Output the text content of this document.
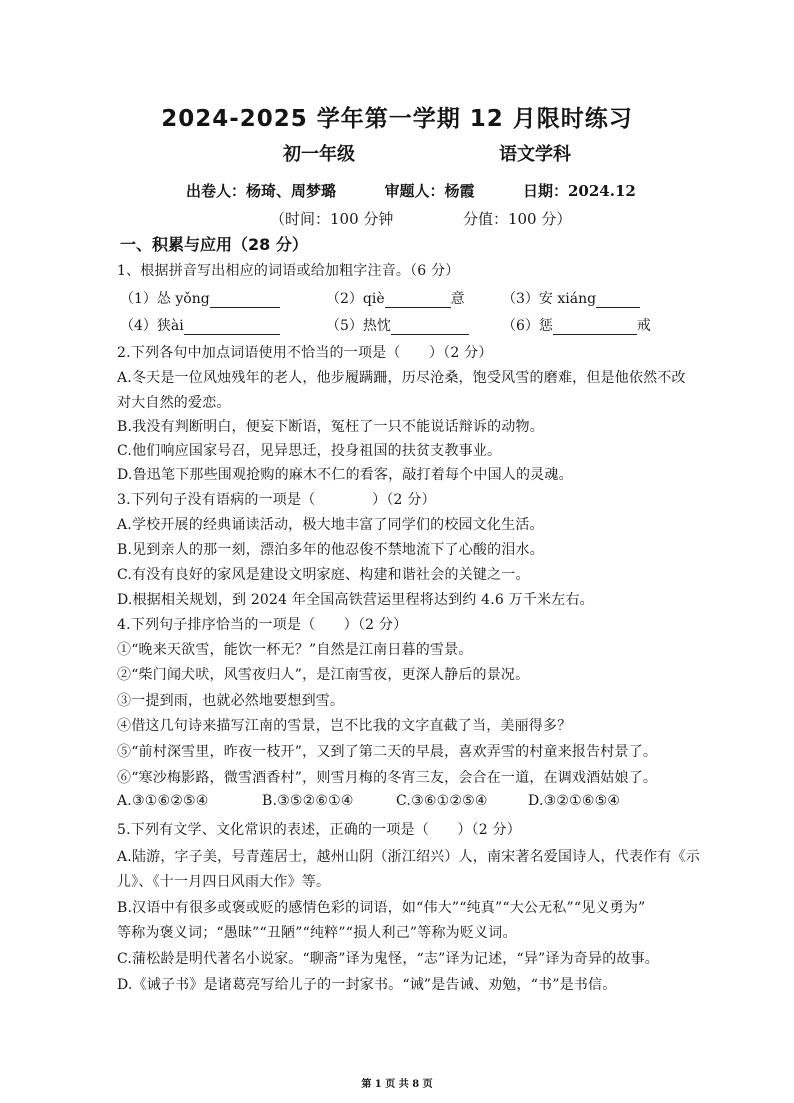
2024-2025 学年第一学期 12 月限时练习
初一年级	语文学科
出卷人：杨琦、周梦璐	审题人：杨霞	日期：2024.12
（时间：100 分钟	分值：100 分）
一、积累与应用（28 分）
1、根据拼音写出相应的词语或给加粗字注音。（6 分）
（1）怂 yǒng	（2）qiè	意	（3）安 xiáng
（4）狭ài	（5）热忱	（6）惩	戒
2.下列各句中加点词语使用不恰当的一项是（　　）（2 分）
A.冬天是一位风烛残年的老人，他步履蹒跚，历尽沧桑，饱受风雪的磨难，但是他依然不改
对大自然的爱恋。
B.我没有判断明白，便妄下断语，冤枉了一只不能说话辩诉的动物。
C.他们响应国家号召，见异思迁，投身祖国的扶贫支教事业。
D.鲁迅笔下那些围观抢购的麻木不仁的看客，敲打着每个中国人的灵魂。
3.下列句子没有语病的一项是（　　　　）（2 分）
A.学校开展的经典诵读活动，极大地丰富了同学们的校园文化生活。
B.见到亲人的那一刻，漂泊多年的他忍俊不禁地流下了心酸的泪水。
C.有没有良好的家风是建设文明家庭、构建和谐社会的关键之一。
D.根据相关规划，到 2024 年全国高铁营运里程将达到约 4.6 万千米左右。
4.下列句子排序恰当的一项是（　　）（2 分）
①“晚来天欲雪，能饮一杯无？”自然是江南日暮的雪景。
②“柴门闻犬吠，风雪夜归人”，是江南雪夜，更深人静后的景况。
③一提到雨，也就必然地要想到雪。
④借这几句诗来描写江南的雪景，岂不比我的文字直截了当，美丽得多？
⑤“前村深雪里，昨夜一枝开”，又到了第二天的早晨，喜欢弄雪的村童来报告村景了。
⑥“寒沙梅影路，微雪酒香村”，则雪月梅的冬宵三友，会合在一道，在调戏酒姑娘了。
A.③①⑥②⑤④	B.③⑤②⑥①④	C.③⑥①②⑤④	D.③②①⑥⑤④
5.下列有文学、文化常识的表述，正确的一项是（　　）（2 分）
A.陆游，字子美，号青莲居士，越州山阴（浙江绍兴）人，南宋著名爱国诗人，代表作有《示
儿》、《十一月四日风雨大作》等。
B.汉语中有很多或褒或贬的感情色彩的词语，如“伟大”“纯真”“大公无私”“见义勇为”
等称为褒义词；“愚昧”“丑陋”“纯粹”“损人利己”等称为贬义词。
C.蒲松龄是明代著名小说家。“聊斋”译为鬼怪，“志”译为记述，“异”译为奇异的故事。
D.《诫子书》是诸葛亮写给儿子的一封家书。“诫”是告诫、劝勉，“书”是书信。
第 1 页 共 8 页
